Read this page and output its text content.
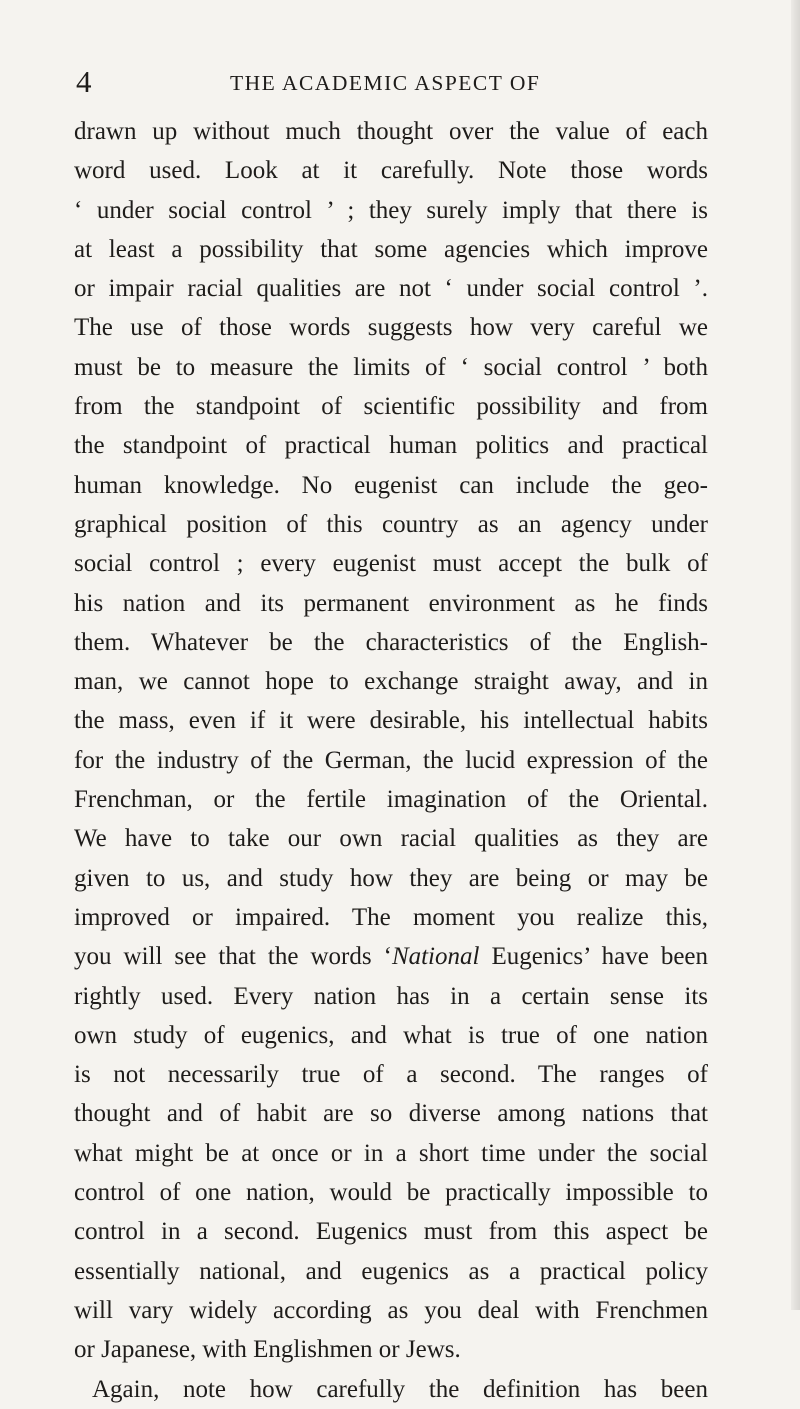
4	THE ACADEMIC ASPECT OF
drawn up without much thought over the value of each
word used. Look at it carefully. Note those words
‘ under social control ’ ; they surely imply that there is
at least a possibility that some agencies which improve
or impair racial qualities are not ‘ under social control ’.
The use of those words suggests how very careful we
must be to measure the limits of ‘ social control ’ both
from the standpoint of scientific possibility and from
the standpoint of practical human politics and practical
human knowledge. No eugenist can include the geo-
graphical position of this country as an agency under
social control ; every eugenist must accept the bulk of
his nation and its permanent environment as he finds
them. Whatever be the characteristics of the English-
man, we cannot hope to exchange straight away, and in
the mass, even if it were desirable, his intellectual habits
for the industry of the German, the lucid expression of the
Frenchman, or the fertile imagination of the Oriental.
We have to take our own racial qualities as they are
given to us, and study how they are being or may be
improved or impaired. The moment you realize this,
you will see that the words ‘National Eugenics’ have been
rightly used. Every nation has in a certain sense its
own study of eugenics, and what is true of one nation
is not necessarily true of a second. The ranges of
thought and of habit are so diverse among nations that
what might be at once or in a short time under the social
control of one nation, would be practically impossible to
control in a second. Eugenics must from this aspect be
essentially national, and eugenics as a practical policy
will vary widely according as you deal with Frenchmen
or Japanese, with Englishmen or Jews.
Again, note how carefully the definition has been
